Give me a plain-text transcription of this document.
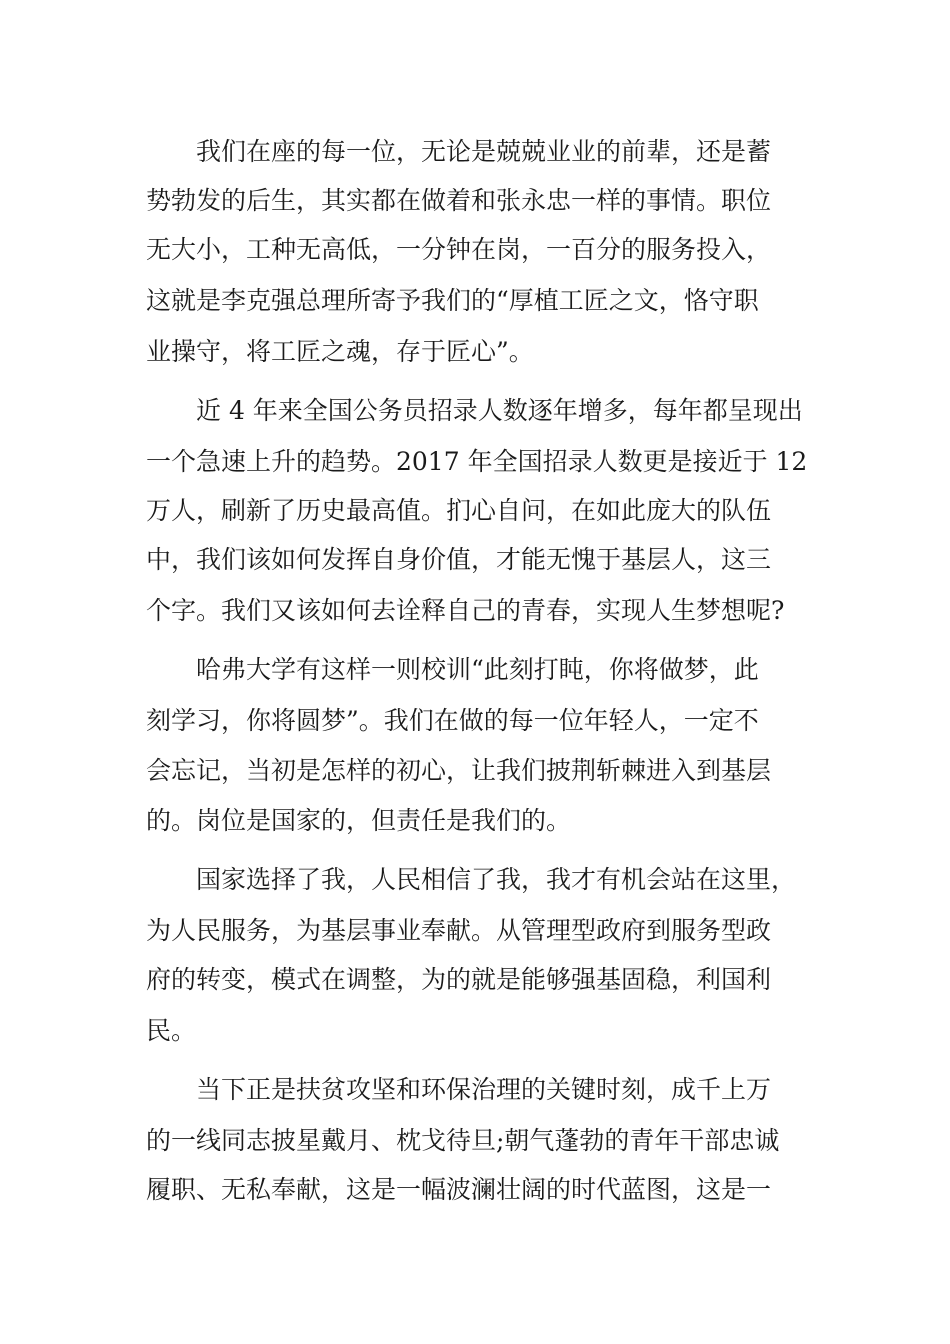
我们在座的每一位，无论是兢兢业业的前辈，还是蓄
势勃发的后生，其实都在做着和张永忠一样的事情。职位
无大小，工种无高低，一分钟在岗，一百分的服务投入，
这就是李克强总理所寄予我们的“厚植工匠之文，恪守职
业操守，将工匠之魂，存于匠心”。
近 4 年来全国公务员招录人数逐年增多，每年都呈现出
一个急速上升的趋势。2017 年全国招录人数更是接近于 12
万人，刷新了历史最高值。扪心自问，在如此庞大的队伍
中，我们该如何发挥自身价值，才能无愧于基层人，这三
个字。我们又该如何去诠释自己的青春，实现人生梦想呢?
哈弗大学有这样一则校训“此刻打盹，你将做梦，此
刻学习，你将圆梦”。我们在做的每一位年轻人，一定不
会忘记，当初是怎样的初心，让我们披荆斩棘进入到基层
的。岗位是国家的，但责任是我们的。
国家选择了我，人民相信了我，我才有机会站在这里，
为人民服务，为基层事业奉献。从管理型政府到服务型政
府的转变，模式在调整，为的就是能够强基固稳，利国利
民。
当下正是扶贫攻坚和环保治理的关键时刻，成千上万
的一线同志披星戴月、枕戈待旦;朝气蓬勃的青年干部忠诚
履职、无私奉献，这是一幅波澜壮阔的时代蓝图，这是一
